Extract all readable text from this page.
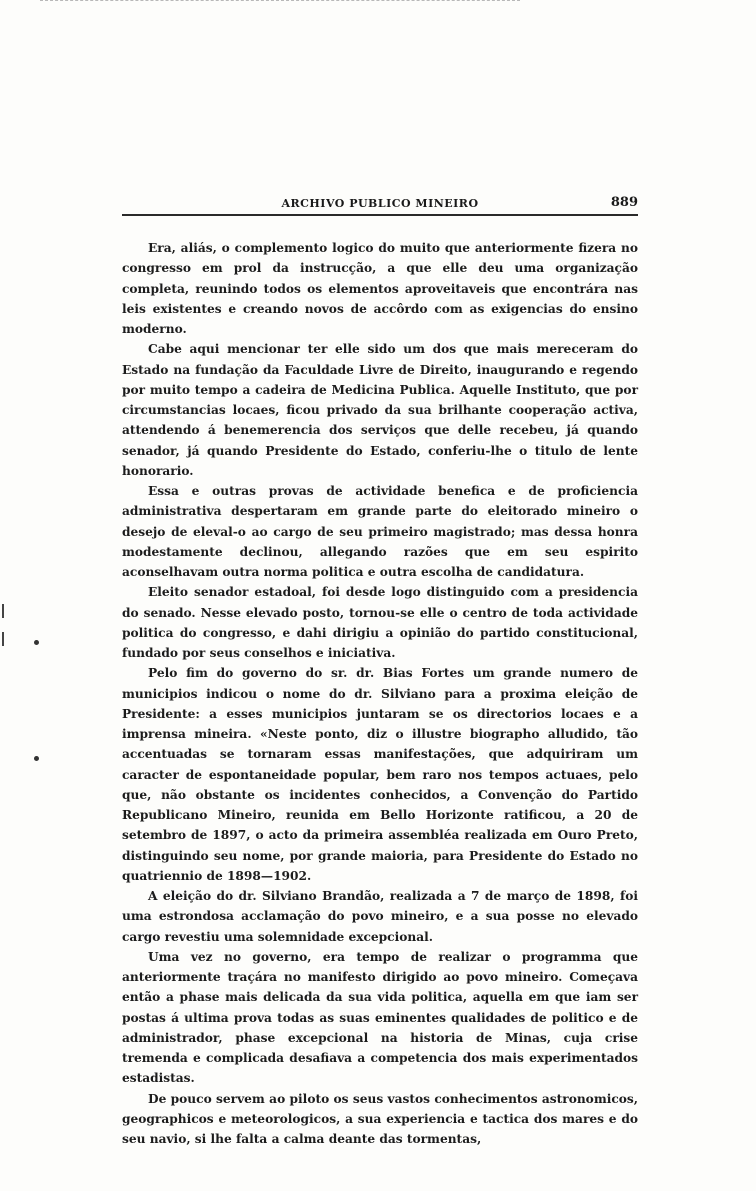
ARCHIVO PUBLICO MINEIRO	889

Era, aliás, o complemento logico do muito que anteriormente fizera no congresso em prol da instrucção, a que elle deu uma organização completa, reunindo todos os elementos aproveitaveis que encontrára nas leis existentes e creando novos de accôrdo com as exigencias do ensino moderno.

Cabe aqui mencionar ter elle sido um dos que mais mereceram do Estado na fundação da Faculdade Livre de Direito, inaugurando e regendo por muito tempo a cadeira de Medicina Publica. Aquelle Instituto, que por circumstancias locaes, ficou privado da sua brilhante cooperação activa, attendendo á benemerencia dos serviços que delle recebeu, já quando senador, já quando Presidente do Estado, conferiu-lhe o titulo de lente honorario.

Essa e outras provas de actividade benefica e de proficiencia administrativa despertaram em grande parte do eleitorado mineiro o desejo de eleval-o ao cargo de seu primeiro magistrado; mas dessa honra modestamente declinou, allegando razões que em seu espirito aconselhavam outra norma politica e outra escolha de candidatura.

Eleito senador estadoal, foi desde logo distinguido com a presidencia do senado. Nesse elevado posto, tornou-se elle o centro de toda actividade politica do congresso, e dahi dirigiu a opinião do partido constitucional, fundado por seus conselhos e iniciativa.

Pelo fim do governo do sr. dr. Bias Fortes um grande numero de municipios indicou o nome do dr. Silviano para a proxima eleição de Presidente: a esses municipios juntaram se os directorios locaes e a imprensa mineira. «Neste ponto, diz o illustre biographo alludido, tão accentuadas se tornaram essas manifestações, que adquiriram um caracter de espontaneidade popular, bem raro nos tempos actuaes, pelo que, não obstante os incidentes conhecidos, a Convenção do Partido Republicano Mineiro, reunida em Bello Horizonte ratificou, a 20 de setembro de 1897, o acto da primeira assembléa realizada em Ouro Preto, distinguindo seu nome, por grande maioria, para Presidente do Estado no quatriennio de 1898—1902.

A eleição do dr. Silviano Brandão, realizada a 7 de março de 1898, foi uma estrondosa acclamação do povo mineiro, e a sua posse no elevado cargo revestiu uma solemnidade excepcional.

Uma vez no governo, era tempo de realizar o programma que anteriormente traçára no manifesto dirigido ao povo mineiro. Começava então a phase mais delicada da sua vida politica, aquella em que iam ser postas á ultima prova todas as suas eminentes qualidades de politico e de administrador, phase excepcional na historia de Minas, cuja crise tremenda e complicada desafiava a competencia dos mais experimentados estadistas.

De pouco servem ao piloto os seus vastos conhecimentos astronomicos, geographicos e meteorologicos, a sua experiencia e tactica dos mares e do seu navio, si lhe falta a calma deante das tormentas,
